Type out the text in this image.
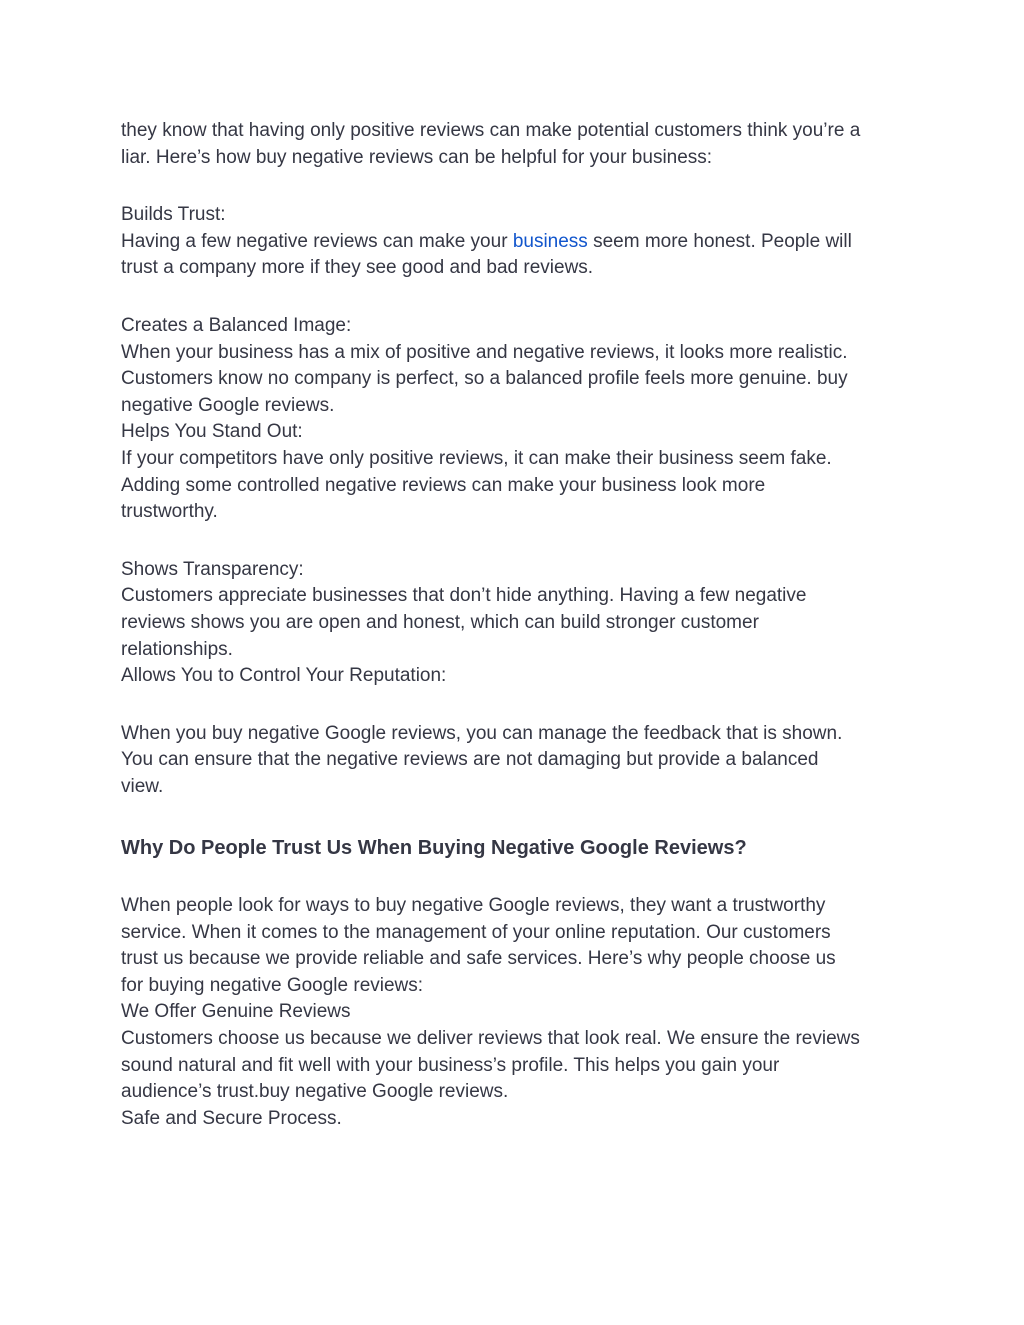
they know that having only positive reviews can make potential customers think you’re a
liar. Here’s how buy negative reviews can be helpful for your business:
Builds Trust:
Having a few negative reviews can make your business seem more honest. People will
trust a company more if they see good and bad reviews.
Creates a Balanced Image:
When your business has a mix of positive and negative reviews, it looks more realistic.
Customers know no company is perfect, so a balanced profile feels more genuine. buy
negative Google reviews.
Helps You Stand Out:
If your competitors have only positive reviews, it can make their business seem fake.
Adding some controlled negative reviews can make your business look more
trustworthy.
Shows Transparency:
Customers appreciate businesses that don’t hide anything. Having a few negative
reviews shows you are open and honest, which can build stronger customer
relationships.
Allows You to Control Your Reputation:
When you buy negative Google reviews, you can manage the feedback that is shown.
You can ensure that the negative reviews are not damaging but provide a balanced
view.
Why Do People Trust Us When Buying Negative Google Reviews?
When people look for ways to buy negative Google reviews, they want a trustworthy
service. When it comes to the management of your online reputation. Our customers
trust us because we provide reliable and safe services. Here’s why people choose us
for buying negative Google reviews:
We Offer Genuine Reviews
Customers choose us because we deliver reviews that look real. We ensure the reviews
sound natural and fit well with your business’s profile. This helps you gain your
audience’s trust.buy negative Google reviews.
Safe and Secure Process.
